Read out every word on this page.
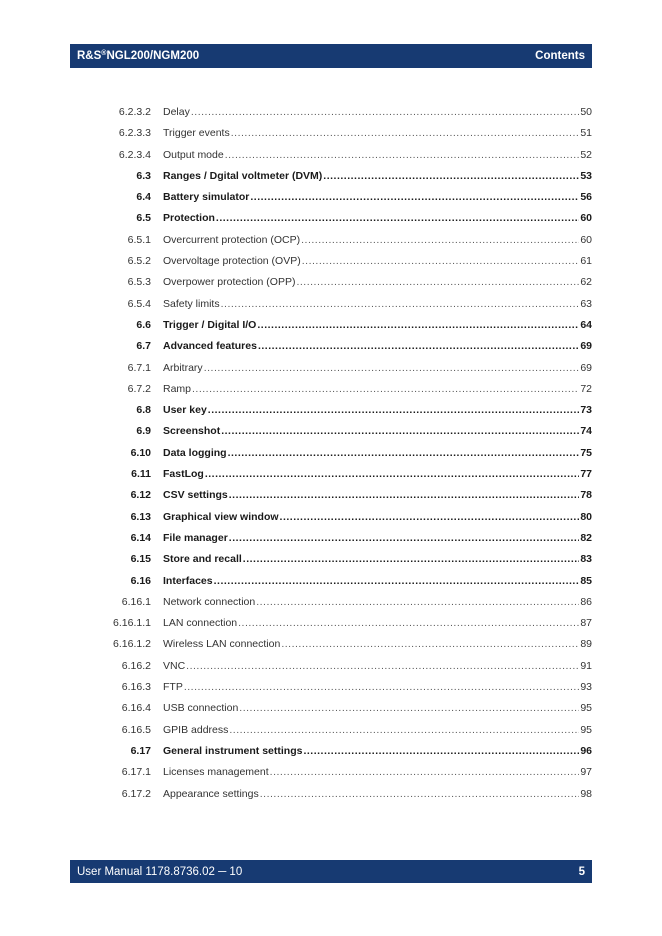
R&S®NGL200/NGM200	Contents
6.2.3.2 Delay .....	50
6.2.3.3 Trigger events .....	51
6.2.3.4 Output mode .....	52
6.3 Ranges / Dgital voltmeter (DVM) .....	53
6.4 Battery simulator .....	56
6.5 Protection .....	60
6.5.1 Overcurrent protection (OCP) .....	60
6.5.2 Overvoltage protection (OVP) .....	61
6.5.3 Overpower protection (OPP) .....	62
6.5.4 Safety limits .....	63
6.6 Trigger / Digital I/O .....	64
6.7 Advanced features .....	69
6.7.1 Arbitrary .....	69
6.7.2 Ramp .....	72
6.8 User key .....	73
6.9 Screenshot .....	74
6.10 Data logging .....	75
6.11 FastLog .....	77
6.12 CSV settings .....	78
6.13 Graphical view window .....	80
6.14 File manager .....	82
6.15 Store and recall .....	83
6.16 Interfaces .....	85
6.16.1 Network connection .....	86
6.16.1.1 LAN connection .....	87
6.16.1.2 Wireless LAN connection .....	89
6.16.2 VNC .....	91
6.16.3 FTP .....	93
6.16.4 USB connection .....	95
6.16.5 GPIB address .....	95
6.17 General instrument settings .....	96
6.17.1 Licenses management .....	97
6.17.2 Appearance settings .....	98
User Manual 1178.8736.02 ─ 10	5
